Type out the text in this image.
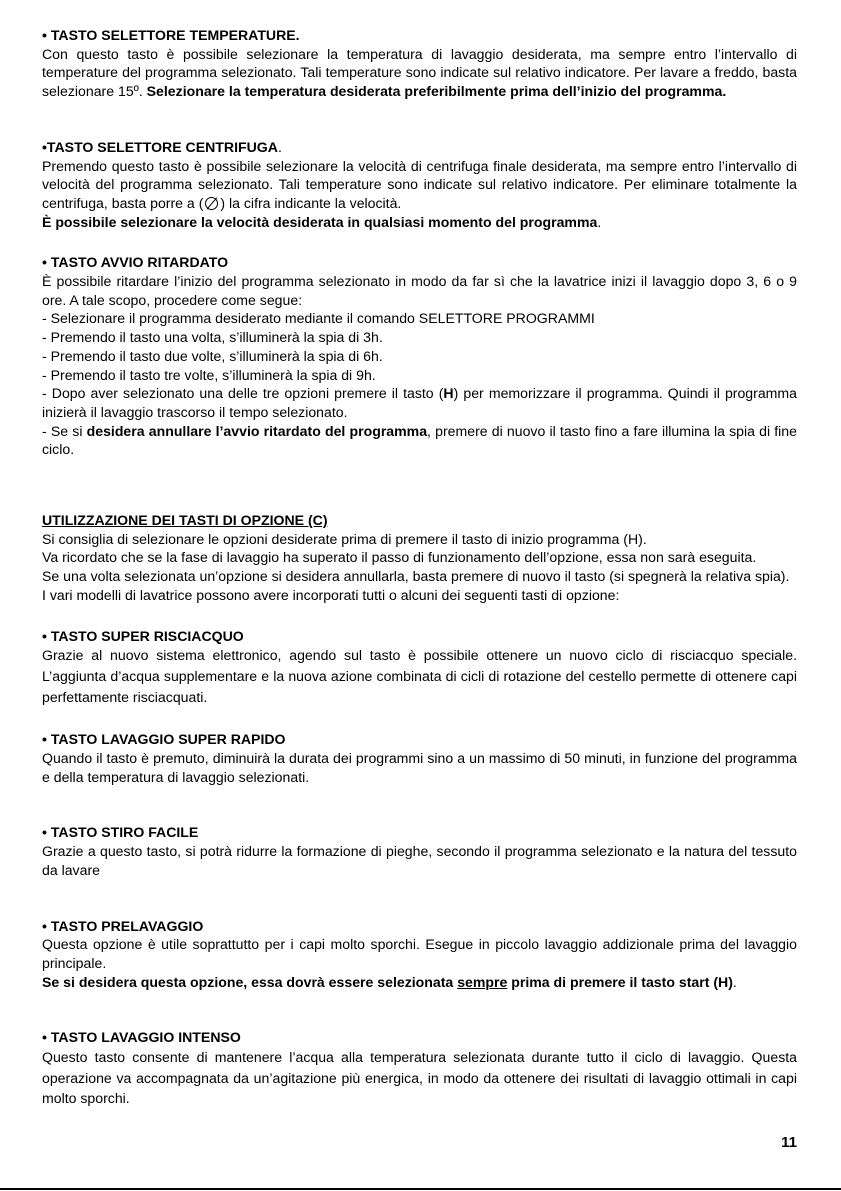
• TASTO SELETTORE TEMPERATURE.

Con questo tasto è possibile selezionare la temperatura di lavaggio desiderata, ma sempre entro l’intervallo di temperature del programma selezionato. Tali temperature sono indicate sul relativo indicatore. Per lavare a freddo, basta selezionare 15º. Selezionare la temperatura desiderata preferibilmente prima dell’inizio del programma.

•TASTO SELETTORE CENTRIFUGA.

Premendo questo tasto è possibile selezionare la velocità di centrifuga finale desiderata, ma sempre entro l’intervallo di velocità del programma selezionato. Tali temperature sono indicate sul relativo indicatore. Per eliminare totalmente la centrifuga, basta porre a ( ) la cifra indicante la velocità.

È possibile selezionare la velocità desiderata in qualsiasi momento del programma.

• TASTO AVVIO RITARDATO

È possibile ritardare l’inizio del programma selezionato in modo da far sì che la lavatrice inizi il lavaggio dopo 3, 6 o 9 ore. A tale scopo, procedere come segue:

- Selezionare il programma desiderato mediante il comando SELETTORE PROGRAMMI

- Premendo il tasto una volta, s’illuminerà la spia di 3h.

- Premendo il tasto due volte, s’illuminerà la spia di 6h.

- Premendo il tasto tre volte, s’illuminerà la spia di 9h.

- Dopo aver selezionato una delle tre opzioni premere il tasto (H) per memorizzare il programma. Quindi il programma inizierà il lavaggio trascorso il tempo selezionato.

- Se si desidera annullare l’avvio ritardato del programma, premere di nuovo il tasto fino a fare illumina la spia di fine ciclo.

UTILIZZAZIONE DEI TASTI DI OPZIONE (C)

Si consiglia di selezionare le opzioni desiderate prima di premere il tasto di inizio programma (H).

Va ricordato che se la fase di lavaggio ha superato il passo di funzionamento dell’opzione, essa non sarà eseguita.

Se una volta selezionata un’opzione si desidera annullarla, basta premere di nuovo il tasto (si spegnerà la relativa spia).

I vari modelli di lavatrice possono avere incorporati tutti o alcuni dei seguenti tasti di opzione:

• TASTO SUPER RISCIACQUO

Grazie al nuovo sistema elettronico, agendo sul tasto è possibile ottenere un nuovo ciclo di risciacquo speciale. L’aggiunta d’acqua supplementare e la nuova azione combinata di cicli di rotazione del cestello permette di ottenere capi perfettamente risciacquati.

• TASTO LAVAGGIO SUPER RAPIDO

Quando il tasto è premuto, diminuirà la durata dei programmi sino a un massimo di 50 minuti, in funzione del programma e della temperatura di lavaggio selezionati.

• TASTO STIRO FACILE

Grazie a questo tasto, si potrà ridurre la formazione di pieghe, secondo il programma selezionato e la natura del tessuto da lavare

• TASTO PRELAVAGGIO

Questa opzione è utile soprattutto per i capi molto sporchi. Esegue in piccolo lavaggio addizionale prima del lavaggio principale.

Se si desidera questa opzione, essa dovrà essere selezionata sempre prima di premere il tasto start (H).

• TASTO LAVAGGIO INTENSO

Questo tasto consente di mantenere l’acqua alla temperatura selezionata durante tutto il ciclo di lavaggio. Questa operazione va accompagnata da un’agitazione più energica, in modo da ottenere dei risultati di lavaggio ottimali in capi molto sporchi.

11
